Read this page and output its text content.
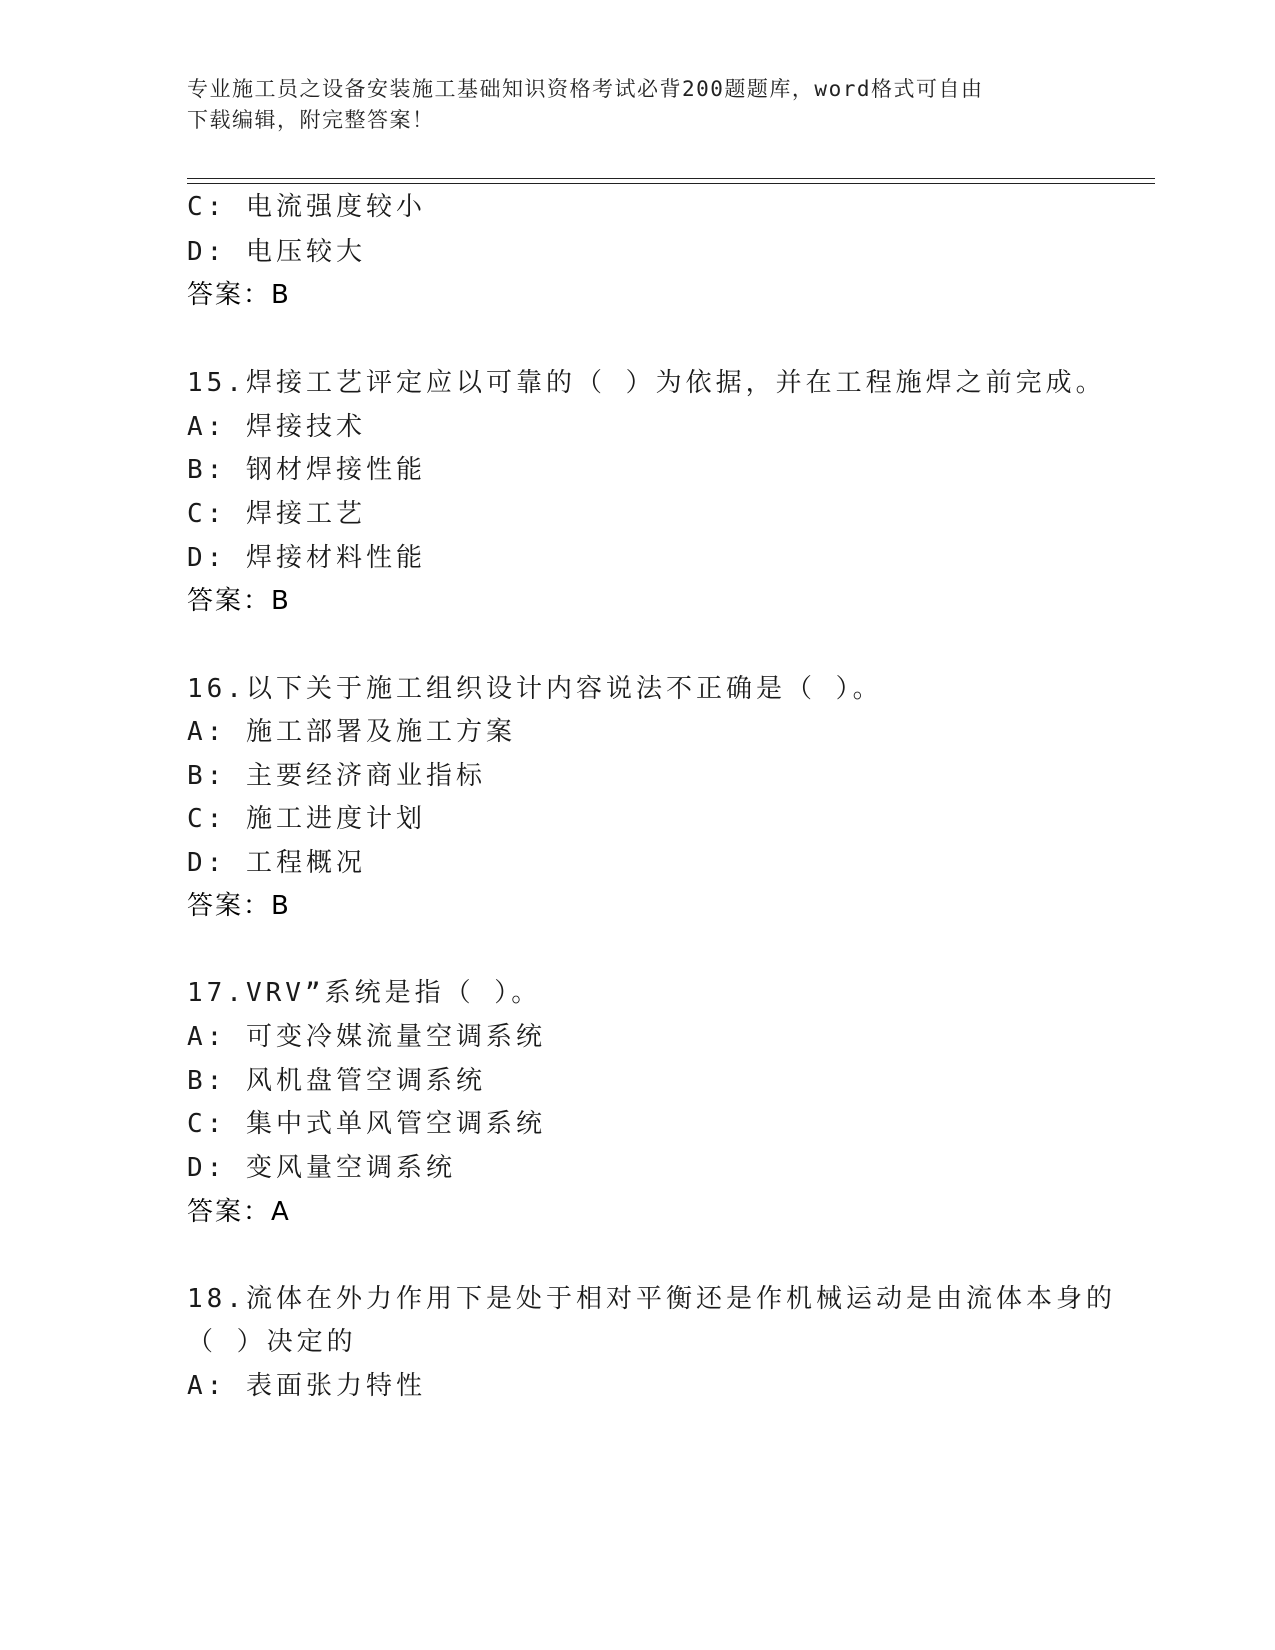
专业施工员之设备安装施工基础知识资格考试必背200题题库，word格式可自由
下载编辑，附完整答案！
C: 电流强度较小
D: 电压较大
答案：B
15.焊接工艺评定应以可靠的（ ）为依据，并在工程施焊之前完成。
A: 焊接技术
B: 钢材焊接性能
C: 焊接工艺
D: 焊接材料性能
答案：B
16.以下关于施工组织设计内容说法不正确是（ ）。
A: 施工部署及施工方案
B: 主要经济商业指标
C: 施工进度计划
D: 工程概况
答案：B
17.VRV”系统是指（ ）。
A: 可变冷媒流量空调系统
B: 风机盘管空调系统
C: 集中式单风管空调系统
D: 变风量空调系统
答案：A
18.流体在外力作用下是处于相对平衡还是作机械运动是由流体本身的
（ ）决定的
A: 表面张力特性
